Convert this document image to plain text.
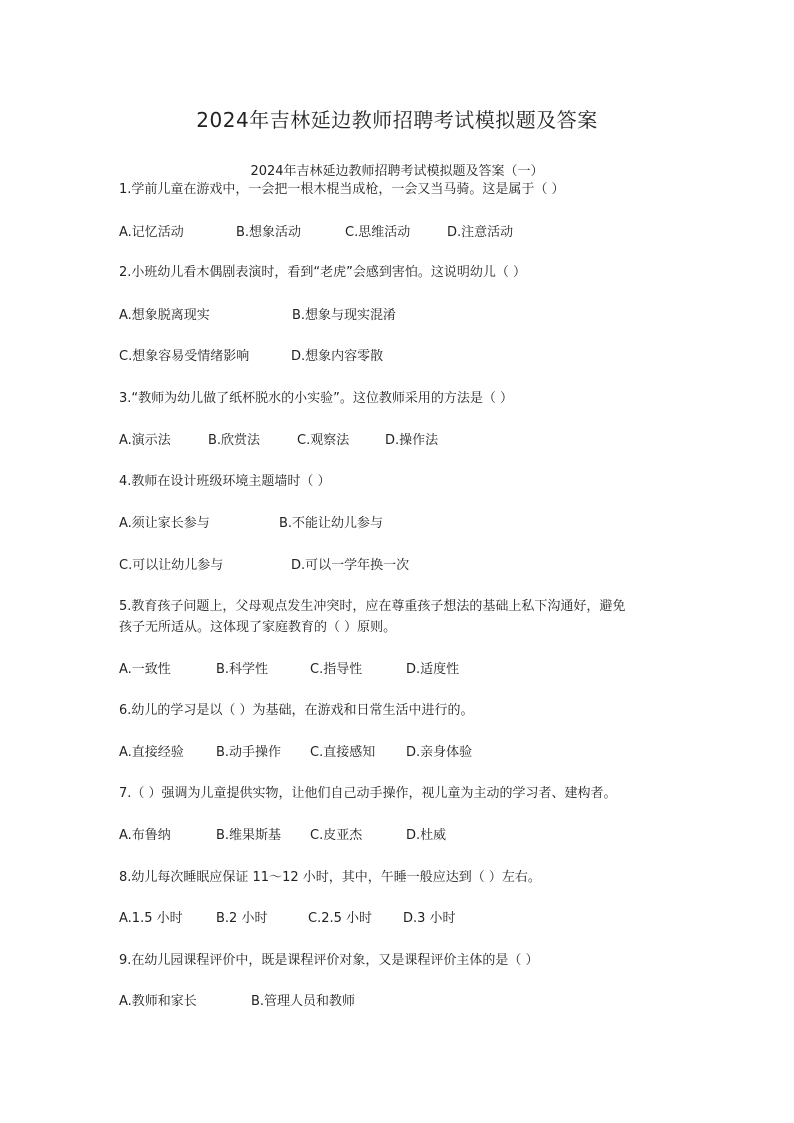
2024年吉林延边教师招聘考试模拟题及答案
2024年吉林延边教师招聘考试模拟题及答案（一）
1.学前儿童在游戏中，一会把一根木棍当成枪，一会又当马骑。这是属于（ ）
A.记忆活动	B.想象活动	C.思维活动	D.注意活动
2.小班幼儿看木偶剧表演时，看到“老虎”会感到害怕。这说明幼儿（ ）
A.想象脱离现实	B.想象与现实混淆
C.想象容易受情绪影响	D.想象内容零散
3.“教师为幼儿做了纸杯脱水的小实验”。这位教师采用的方法是（ ）
A.演示法	B.欣赏法	C.观察法	D.操作法
4.教师在设计班级环境主题墙时（ ）
A.须让家长参与	B.不能让幼儿参与
C.可以让幼儿参与	D.可以一学年换一次
5.教育孩子问题上，父母观点发生冲突时，应在尊重孩子想法的基础上私下沟通好，避免
孩子无所适从。这体现了家庭教育的（ ）原则。
A.一致性	B.科学性	C.指导性	D.适度性
6.幼儿的学习是以（ ）为基础，在游戏和日常生活中进行的。
A.直接经验 B.动手操作 C.直接感知 D.亲身体验
7.（ ）强调为儿童提供实物，让他们自己动手操作，视儿童为主动的学习者、建构者。
A.布鲁纳	B.维果斯基 C.皮亚杰	D.杜威
8.幼儿每次睡眠应保证 11～12 小时，其中，午睡一般应达到（ ）左右。
A.1.5 小时	B.2 小时	C.2.5 小时 D.3 小时
9.在幼儿园课程评价中，既是课程评价对象，又是课程评价主体的是（ ）
A.教师和家长	B.管理人员和教师
